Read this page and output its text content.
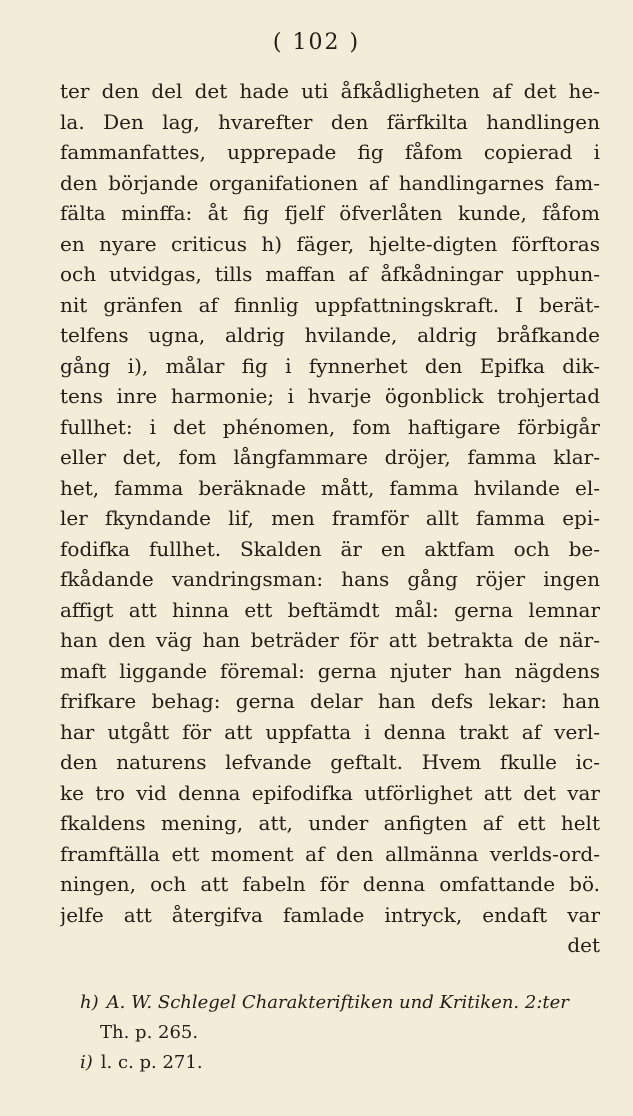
( 102 )
ter den del det hade uti åfkådligheten af det he-
la. Den lag, hvarefter den färfkilta handlingen
fammanfattes, upprepade fig fåfom copierad i
den börjande organifationen af handlingarnes fam-
fälta minffa: åt fig fjelf öfverlåten kunde, fåfom
en nyare criticus h) fäger, hjelte-digten förftoras
och utvidgas, tills maffan af åfkådningar upphun-
nit gränfen af finnlig uppfattningskraft. I berät-
telfens ugna, aldrig hvilande, aldrig bråfkande
gång i), målar fig i fynnerhet den Epifka dik-
tens inre harmonie; i hvarje ögonblick trohjertad
fullhet: i det phénomen, fom haftigare förbigår
eller det, fom långfammare dröjer, famma klar-
het, famma beräknade mått, famma hvilande el-
ler fkyndande lif, men framför allt famma epi-
fodifka fullhet. Skalden är en aktfam och be-
fkådande vandringsman: hans gång röjer ingen
affigt att hinna ett beftämdt mål: gerna lemnar
han den väg han beträder för att betrakta de när-
maft liggande föremal: gerna njuter han nägdens
frifkare behag: gerna delar han defs lekar: han
har utgått för att uppfatta i denna trakt af verl-
den naturens lefvande geftalt. Hvem fkulle ic-
ke tro vid denna epifodifka utförlighet att det var
fkaldens mening, att, under anfigten af ett helt
framftälla ett moment af den allmänna verlds-ord-
ningen, och att fabeln för denna omfattande bö.
jelfe att återgifva famlade intryck, endaft var
det
h) A. W. Schlegel Charakteriftiken und Kritiken. 2:ter
Th. p. 265.
i) l. c. p. 271.
